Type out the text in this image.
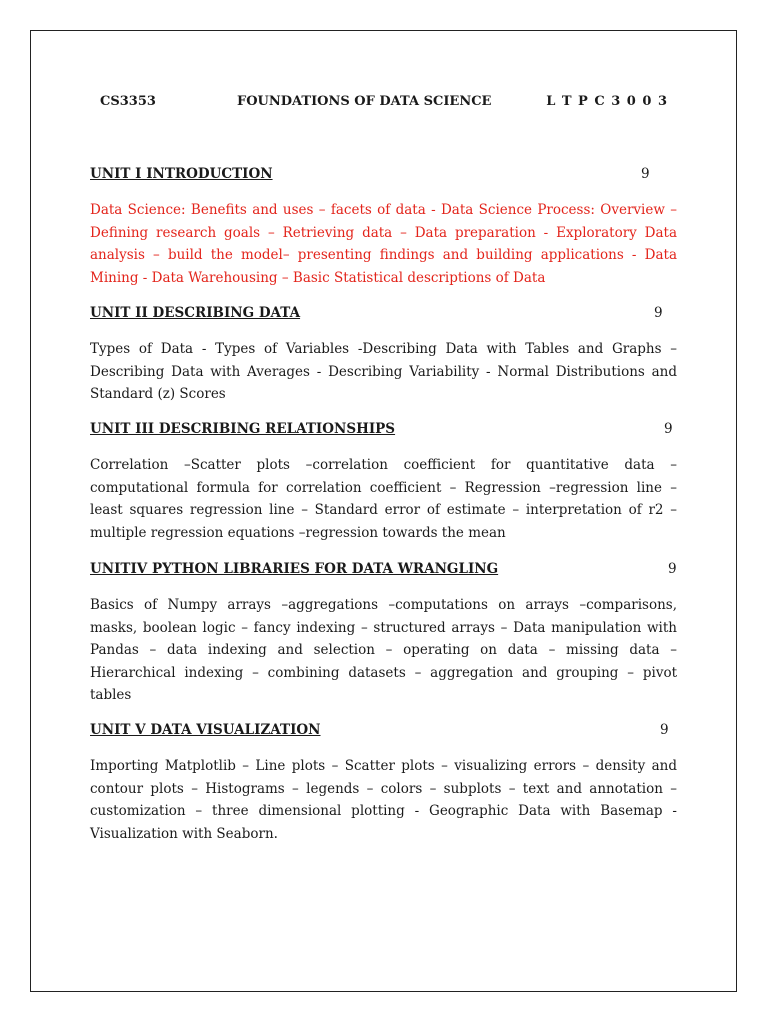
CS3353	FOUNDATIONS OF DATA SCIENCE	L T P C 3 0 0 3
UNIT I INTRODUCTION	9
Data Science: Benefits and uses – facets of data - Data Science Process: Overview – Defining research goals – Retrieving data – Data preparation - Exploratory Data analysis – build the model– presenting findings and building applications - Data Mining - Data Warehousing – Basic Statistical descriptions of Data
UNIT II DESCRIBING DATA	9
Types of Data - Types of Variables -Describing Data with Tables and Graphs – Describing Data with Averages - Describing Variability - Normal Distributions and Standard (z) Scores
UNIT III DESCRIBING RELATIONSHIPS	9
Correlation –Scatter plots –correlation coefficient for quantitative data – computational formula for correlation coefficient – Regression –regression line – least squares regression line – Standard error of estimate – interpretation of r2 – multiple regression equations –regression towards the mean
UNITIV PYTHON LIBRARIES FOR DATA WRANGLING	9
Basics of Numpy arrays –aggregations –computations on arrays –comparisons, masks, boolean logic – fancy indexing – structured arrays – Data manipulation with Pandas – data indexing and selection – operating on data – missing data – Hierarchical indexing – combining datasets – aggregation and grouping – pivot tables
UNIT V DATA VISUALIZATION	9
Importing Matplotlib – Line plots – Scatter plots – visualizing errors – density and contour plots – Histograms – legends – colors – subplots – text and annotation – customization – three dimensional plotting - Geographic Data with Basemap - Visualization with Seaborn.
